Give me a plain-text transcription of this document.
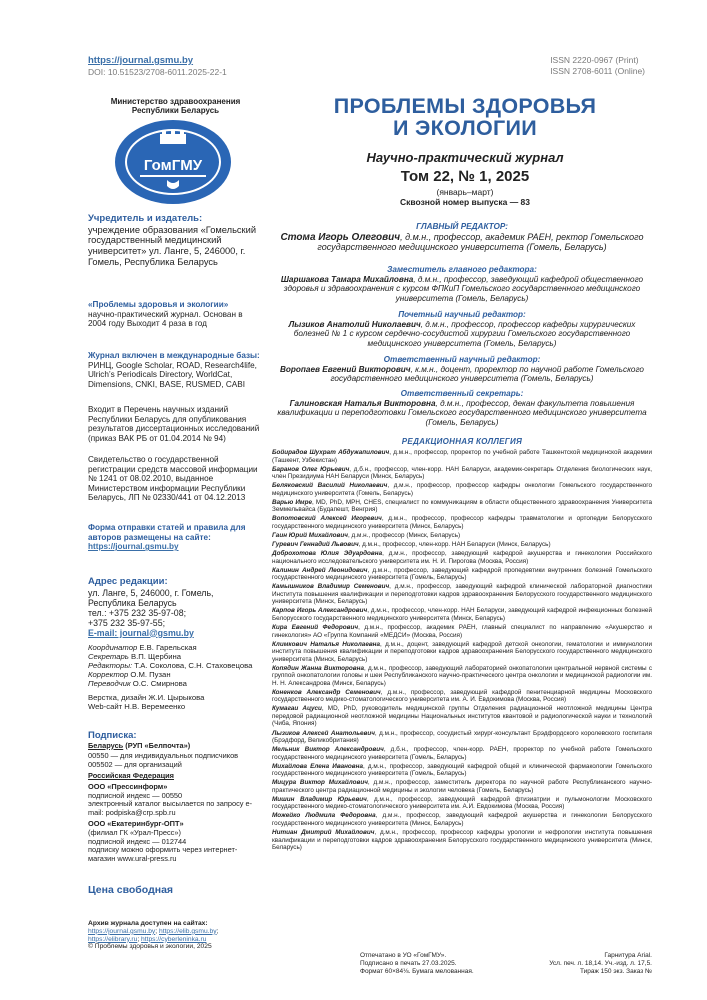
https://journal.gsmu.by
DOI: 10.51523/2708-6011.2025-22-1
ISSN 2220-0967 (Print)
ISSN 2708-6011 (Online)
Министерство здравоохранения Республики Беларусь
ГомГМУ
ПРОБЛЕМЫ ЗДОРОВЬЯ
И ЭКОЛОГИИ
Научно-практический журнал
Том 22, № 1, 2025
(январь–март)
Сквозной номер выпуска — 83
Учредитель и издатель:
учреждение образования «Гомельский государственный медицинский университет» ул. Ланге, 5, 246000, г. Гомель, Республика Беларусь
«Проблемы здоровья и экологии»
научно-практический журнал. Основан в 2004 году Выходит 4 раза в год
Журнал включен в международные базы: РИНЦ, Google Scholar, ROAD, Research4life, Ulrich’s Periodicals Directory, WorldCat, Dimensions, CNKI, BASE, RUSMED, CABI
Входит в Перечень научных изданий Республики Беларусь для опубликования результатов диссертационных исследований (приказ ВАК РБ от 01.04.2014 № 94)
Свидетельство о государственной регистрации средств массовой информации № 1241 от 08.02.2010, выданное Министерством информации Республики Беларусь, ЛП № 02330/441 от 04.12.2013
Форма отправки статей и правила для авторов размещены на сайте:
https://journal.gsmu.by
Адрес редакции:
ул. Ланге, 5, 246000, г. Гомель, Республика Беларусь
тел.: +375 232 35-97-08;
+375 232 35-97-55;
E-mail: journal@gsmu.by
Координатор Е.В. Гарельская
Секретарь В.П. Щербина
Редакторы: Т.А. Соколова, С.Н. Стаховецова
Корректор О.М. Пузан
Переводчик О.С. Смирнова
Верстка, дизайн Ж.И. Цырыкова
Web-сайт Н.В. Веремеенко
Подписка:
Беларусь (РУП «Белпочта»)
00550 — для индивидуальных подписчиков
005502 — для организаций
Российская Федерация
ООО «Прессинформ»
подписной индекс — 00550
электронный каталог высылается по запросу e-mail: podpiska@crp.spb.ru
ООО «Екатеринбург-ОПТ»
(филиал ГК «Урал-Пресс»)
подписной индекс — 012744
подписку можно оформить через интернет-магазин www.ural-press.ru
Цена свободная
ГЛАВНЫЙ РЕДАКТОР:
Стома Игорь Олегович, д.м.н., профессор, академик РАЕН, ректор Гомельского государственного медицинского университета (Гомель, Беларусь)
Заместитель главного редактора:
Шаршакова Тамара Михайловна, д.м.н., профессор, заведующий кафедрой общественного здоровья и здравоохранения с курсом ФПКиП Гомельского государственного медицинского университета (Гомель, Беларусь)
Почетный научный редактор:
Лызиков Анатолий Николаевич, д.м.н., профессор, профессор кафедры хирургических болезней № 1 с курсом сердечно-сосудистой хирургии Гомельского государственного медицинского университета (Гомель, Беларусь)
Ответственный научный редактор:
Воропаев Евгений Викторович, к.м.н., доцент, проректор по научной работе Гомельского государственного медицинского университета (Гомель, Беларусь)
Ответственный секретарь:
Галиновская Наталья Викторовна, д.м.н., профессор, декан факультета повышения квалификации и переподготовки Гомельского государственного медицинского университета (Гомель, Беларусь)
РЕДАКЦИОННАЯ КОЛЛЕГИЯ
Бойирадов Шухрат Абдужапилович, д.м.н., профессор, проректор по учебной работе Ташкентской медицинской академии (Ташкент, Узбекистан)
Баранов Олег Юрьевич, д.б.н., профессор, член-корр. НАН Беларуси, академик-секретарь Отделения биологических наук, член Президиума НАН Беларуси (Минск, Беларусь)
Беляковский Василий Николаевич, д.м.н., профессор, профессор кафедры онкологии Гомельского государственного медицинского университета (Гомель, Беларусь)
Варью Имре, MD, PhD, MPH, CHES, специалист по коммуникациям в области общественного здравоохранения Университета Земмельвайса (Будапешт, Венгрия)
Вопотовский Алексей Игоревич, д.м.н., профессор, профессор кафедры травматологии и ортопедии Белорусского государственного медицинского университета (Минск, Беларусь)
Гаин Юрий Михайлович, д.м.н., профессор (Минск, Беларусь)
Гуревич Геннадий Львович, д.м.н., профессор, член-корр. НАН Беларуси (Минск, Беларусь)
Доброхотова Юлия Эдуардовна, д.м.н., профессор, заведующий кафедрой акушерства и гинекологии Российского национального исследовательского университета им. Н. И. Пирогова (Москва, Россия)
Калинин Андрей Леонидович, д.м.н., профессор, заведующий кафедрой пропедевтики внутренних болезней Гомельского государственного медицинского университета (Гомель, Беларусь)
Камышников Владимир Семенович, д.м.н., профессор, заведующий кафедрой клинической лабораторной диагностики Института повышения квалификации и переподготовки кадров здравоохранения Белорусского государственного медицинского университета (Минск, Беларусь)
Карпов Игорь Александрович, д.м.н., профессор, член-корр. НАН Беларуси, заведующий кафедрой инфекционных болезней Белорусского государственного медицинского университета (Минск, Беларусь)
Кира Евгений Федорович, д.м.н., профессор, академик РАЕН, главный специалист по направлению «Акушерство и гинекология» АО «Группа Компаний «МЕДСИ» (Москва, Россия)
Климкович Наталья Николаевна, д.м.н., доцент, заведующий кафедрой детской онкологии, гематологии и иммунологии института повышения квалификации и переподготовки кадров здравоохранения Белорусского государственного медицинского университета (Минск, Беларусь)
Копядин Жанна Викторовна, д.м.н., профессор, заведующий лабораторией онкопатологии центральной нервной системы с группой онкопатологии головы и шеи Республиканского научно-практического центра онкологии и медицинской радиологии им. Н. Н. Александрова (Минск, Беларусь)
Коненков Александр Семенович, д.м.н., профессор, заведующий кафедрой пенитенциарной медицины Московского государственного медико-стоматологического университета им. А. И. Евдокимова (Москва, Россия)
Кумагаи Ацуси, MD, PhD, руководитель медицинской группы Отделения радиационной неотложной медицины Центра передовой радиационной неотложной медицины Национальных институтов квантовой и радиологической науки и технологий (Чиба, Япония)
Лызиков Алексей Анатольевич, д.м.н., профессор, сосудистый хирург-консультант Брэдфордского королевского госпиталя (Брэдфорд, Великобритания)
Мельник Виктор Александрович, д.б.н., профессор, член-корр. РАЕН, проректор по учебной работе Гомельского государственного медицинского университета (Гомель, Беларусь)
Михайлова Елена Ивановна, д.м.н., профессор, заведующий кафедрой общей и клинической фармакологии Гомельского государственного медицинского университета (Гомель, Беларусь)
Мицура Виктор Михайлович, д.м.н., профессор, заместитель директора по научной работе Республиканского научно-практического центра радиационной медицины и экологии человека (Гомель, Беларусь)
Мишин Владимир Юрьевич, д.м.н., профессор, заведующий кафедрой фтизиатрии и пульмонологии Московского государственного медико-стоматологического университета им. А.И. Евдокимова (Москва, Россия)
Можейко Людмила Федоровна, д.м.н., профессор, заведующий кафедрой акушерства и гинекологии Белорусского государственного медицинского университета (Минск, Беларусь)
Нитиан Дмитрий Михайлович, д.м.н., профессор, профессор кафедры урологии и нефрологии института повышения квалификации и переподготовки кадров здравоохранения Белорусского государственного медицинского университета (Минск, Беларусь)
Архив журнала доступен на сайтах:
https://journal.gsmu.by; https://elib.gsmu.by;
https://elibrary.ru; https://cyberleninka.ru
© Проблемы здоровья и экологии, 2025
Отпечатано в УО «ГомГМУ».
Подписано в печать 27.03.2025.
Формат 60×84⅛. Бумага мелованная.
Гарнитура Arial.
Усл. печ. л. 18,14. Уч.-изд. л. 17,5.
Тираж 150 экз. Заказ №
